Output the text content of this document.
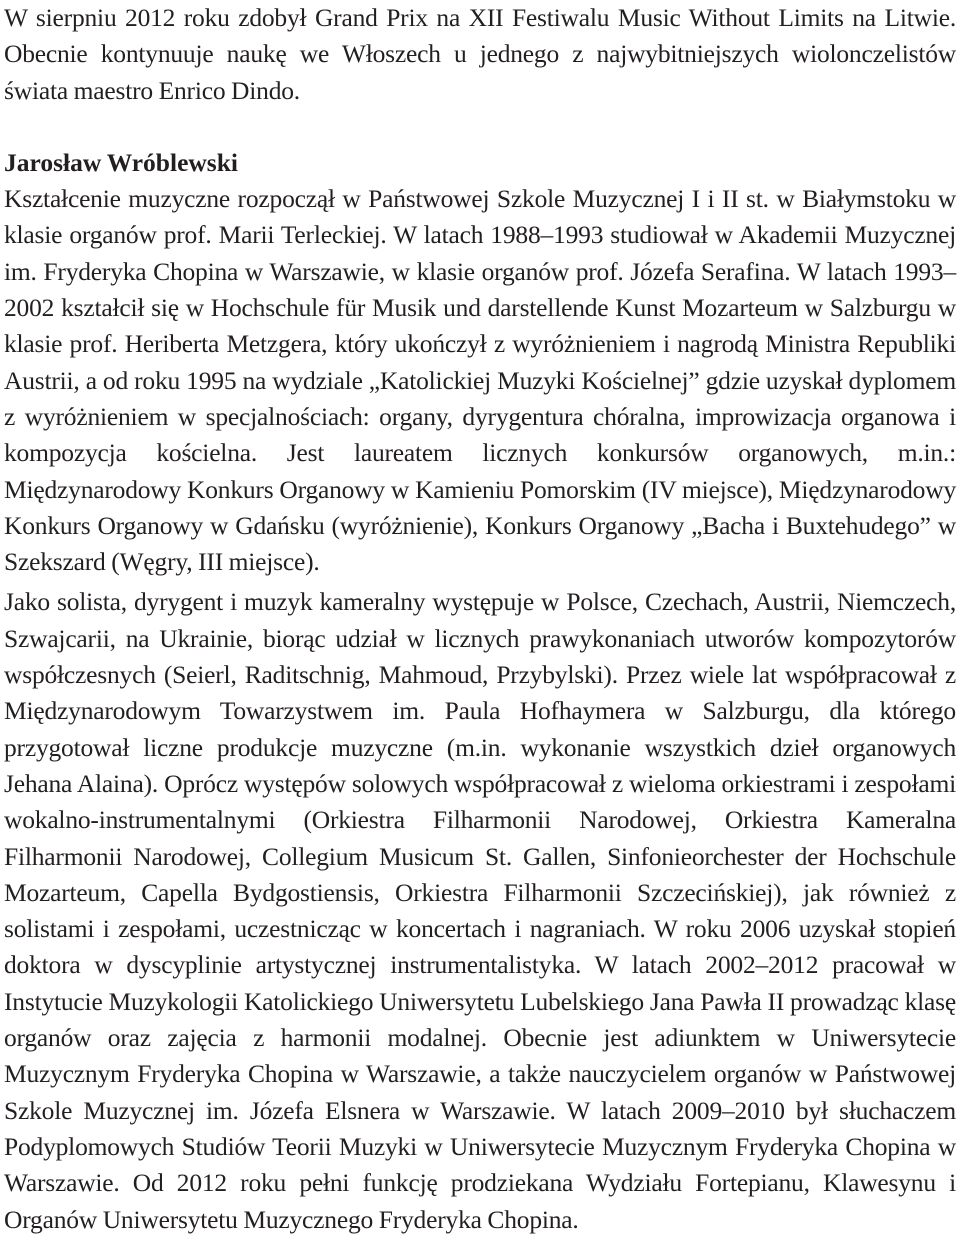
W sierpniu 2012 roku zdobył Grand Prix na XII Festiwalu Music Without Limits na Litwie. Obecnie kontynuuje naukę we Włoszech u jednego z najwybitniejszych wiolonczelistów świata maestro Enrico Dindo.

Jarosław Wróblewski

Kształcenie muzyczne rozpoczął w Państwowej Szkole Muzycznej I i II st. w Białymstoku w klasie organów prof. Marii Terleckiej. W latach 1988–1993 studiował w Akademii Muzycznej im. Fryderyka Chopina w Warszawie, w klasie organów prof. Józefa Serafina. W latach 1993–2002 kształcił się w Hochschule für Musik und darstellende Kunst Mozarteum w Salzburgu w klasie prof. Heriberta Metzgera, który ukończył z wyróżnieniem i nagrodą Ministra Republiki Austrii, a od roku 1995 na wydziale „Katolickiej Muzyki Kościelnej” gdzie uzyskał dyplomem z wyróżnieniem w specjalnościach: organy, dyrygentura chóralna, improwizacja organowa i kompozycja kościelna. Jest laureatem licznych konkursów organowych, m.in.: Międzynarodowy Konkurs Organowy w Kamieniu Pomorskim (IV miejsce), Międzynarodowy Konkurs Organowy w Gdańsku (wyróżnienie), Konkurs Organowy „Bacha i Buxtehudego” w Szekszard (Węgry, III miejsce).

Jako solista, dyrygent i muzyk kameralny występuje w Polsce, Czechach, Austrii, Niemczech, Szwajcarii, na Ukrainie, biorąc udział w licznych prawykonaniach utworów kompozytorów współczesnych (Seierl, Raditschnig, Mahmoud, Przybylski). Przez wiele lat współpracował z Międzynarodowym Towarzystwem im. Paula Hofhaymera w Salzburgu, dla którego przygotował liczne produkcje muzyczne (m.in. wykonanie wszystkich dzieł organowych Jehana Alaina). Oprócz występów solowych współpracował z wieloma orkiestrami i zespołami wokalno-instrumentalnymi (Orkiestra Filharmonii Narodowej, Orkiestra Kameralna Filharmonii Narodowej, Collegium Musicum St. Gallen, Sinfonieorchester der Hochschule Mozarteum, Capella Bydgostiensis, Orkiestra Filharmonii Szczecińskiej), jak również z solistami i zespołami, uczestnicząc w koncertach i nagraniach. W roku 2006 uzyskał stopień doktora w dyscyplinie artystycznej instrumentalistyka. W latach 2002–2012 pracował w Instytucie Muzykologii Katolickiego Uniwersytetu Lubelskiego Jana Pawła II prowadząc klasę organów oraz zajęcia z harmonii modalnej. Obecnie jest adiunktem w Uniwersytecie Muzycznym Fryderyka Chopina w Warszawie, a także nauczycielem organów w Państwowej Szkole Muzycznej im. Józefa Elsnera w Warszawie. W latach 2009–2010 był słuchaczem Podyplomowych Studiów Teorii Muzyki w Uniwersytecie Muzycznym Fryderyka Chopina w Warszawie. Od 2012 roku pełni funkcję prodziekana Wydziału Fortepianu, Klawesynu i Organów Uniwersytetu Muzycznego Fryderyka Chopina.
